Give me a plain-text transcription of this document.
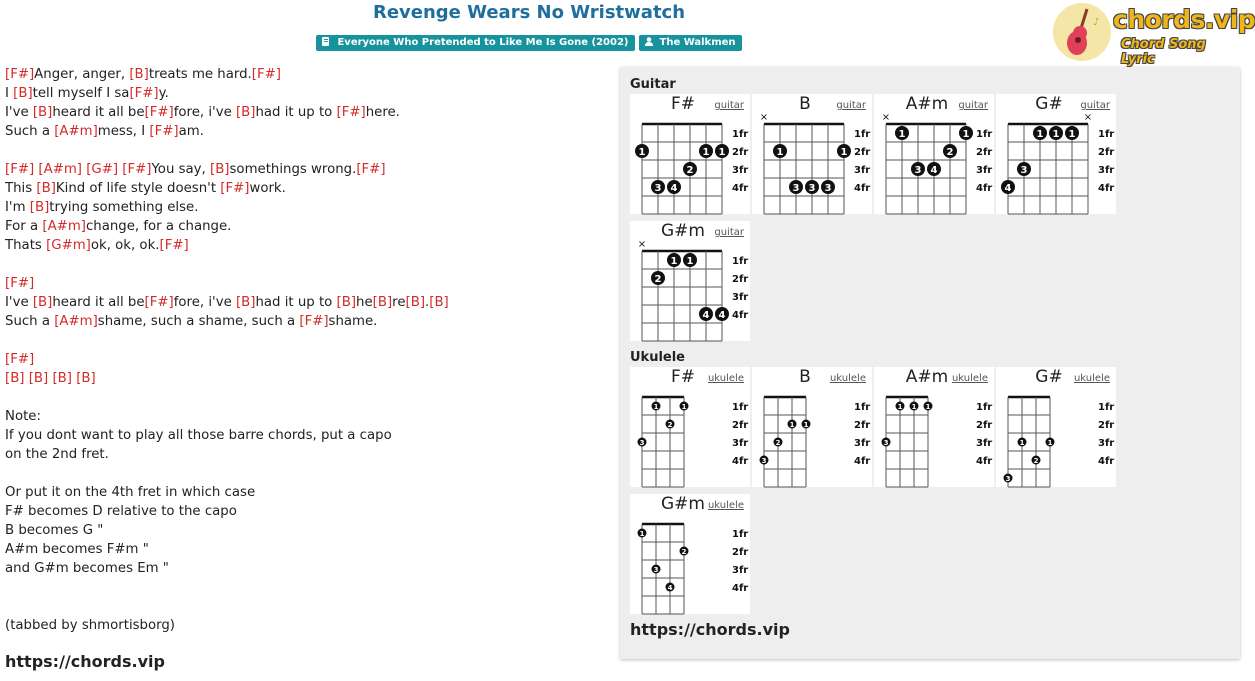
Revenge Wears No Wristwatch
Everyone Who Pretended to Like Me Is Gone (2002)	The Walkmen
♪ chords.vip
Chord Song Lyric
[F#]Anger, anger, [B]treats me hard.[F#]
I [B]tell myself I sa[F#]y.
I've [B]heard it all be[F#]fore, i've [B]had it up to [F#]here.
Such a [A#m]mess, I [F#]am.
[F#] [A#m] [G#] [F#]You say, [B]somethings wrong.[F#]
This [B]Kind of life style doesn't [F#]work.
I'm [B]trying something else.
For a [A#m]change, for a change.
Thats [G#m]ok, ok, ok.[F#]
[F#]
I've [B]heard it all be[F#]fore, i've [B]had it up to [B]he[B]re[B].[B]
Such a [A#m]shame, such a shame, such a [F#]shame.
[F#]
[B] [B] [B] [B]
Note:
If you dont want to play all those barre chords, put a capo
on the 2nd fret.
Or put it on the 4th fret in which case
F# becomes D relative to the capo
B becomes G "
A#m becomes F#m "
and G#m becomes Em "
(tabbed by shmortisborg)
https://chords.vip
Guitar
Ukulele
https://chords.vip
1fr
2fr
3fr
4fr
1
3 4
2
1 1
F#	guitar
1fr
2fr
3fr
4fr
×
1
3 3 3
1
B	guitar
1fr
2fr
3fr
4fr
×
1
3 4
2
1
A#m	guitar
1fr
2fr
3fr
4fr
×
4
3
1 1 1
G#	guitar
1fr
2fr
3fr
4fr
×
2
1 1
4 4
G#m guitar
1fr
2fr
3fr
4fr
3
1
2
1
F#	ukulele
1fr
2fr
3fr
4fr
3
2
1 1
B	ukulele
1fr
2fr
3fr
4fr
3
1 1 1
A#m ukulele
1fr
2fr
3fr
4fr
3
1
2
1
G#	ukulele
1fr
2fr
3fr
4fr
1
3
4
2
G#m ukulele
